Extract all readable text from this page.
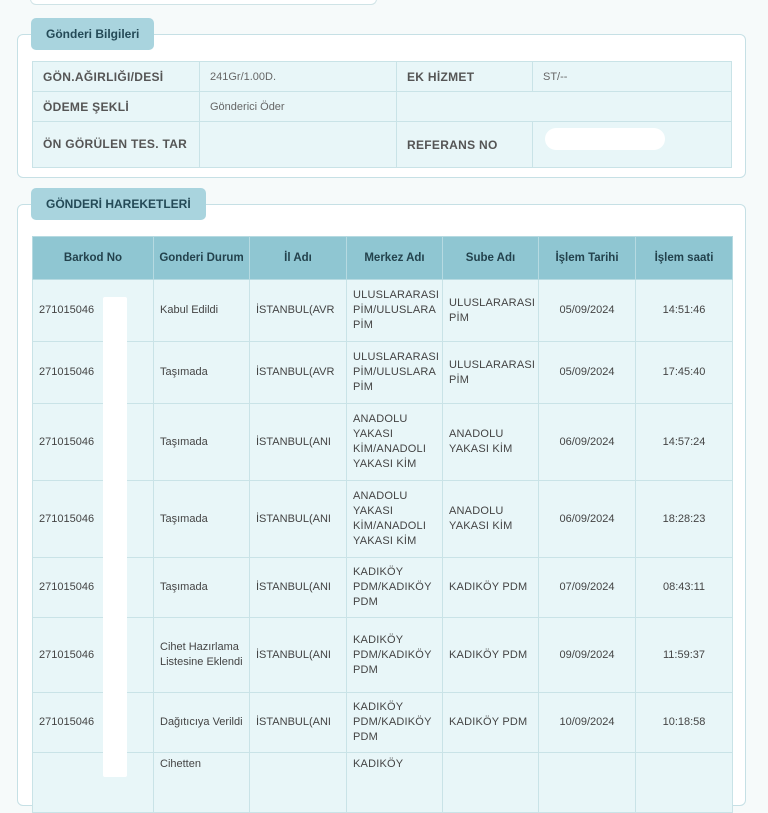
Gönderi Bilgileri
GÖN.AĞIRLIĞI/DESİ	241Gr/1.00D.	EK HİZMET	ST/--
ÖDEME ŞEKLİ	Gönderici Öder		
ÖN GÖRÜLEN TES. TAR		REFERANS NO	
GÖNDERİ HAREKETLERİ
Barkod No	Gonderi Durum	İl Adı	Merkez Adı	Sube Adı	İşlem Tarihi	İşlem saati
271015046	Kabul Edildi	İSTANBUL(AVR	ULUSLARARASI PİM/ULUSLARA PİM	ULUSLARARASI PİM	05/09/2024	14:51:46
271015046	Taşımada	İSTANBUL(AVR	ULUSLARARASI PİM/ULUSLARA PİM	ULUSLARARASI PİM	05/09/2024	17:45:40
271015046	Taşımada	İSTANBUL(ANI	ANADOLU YAKASI KİM/ANADOLI YAKASI KİM	ANADOLU YAKASI KİM	06/09/2024	14:57:24
271015046	Taşımada	İSTANBUL(ANI	ANADOLU YAKASI KİM/ANADOLI YAKASI KİM	ANADOLU YAKASI KİM	06/09/2024	18:28:23
271015046	Taşımada	İSTANBUL(ANI	KADIKÖY PDM/KADIKÖY PDM	KADIKÖY PDM	07/09/2024	08:43:11
271015046	Cihet Hazırlama Listesine Eklendi	İSTANBUL(ANI	KADIKÖY PDM/KADIKÖY PDM	KADIKÖY PDM	09/09/2024	11:59:37
271015046	Dağıtıcıya Verildi	İSTANBUL(ANI	KADIKÖY PDM/KADIKÖY PDM	KADIKÖY PDM	10/09/2024	10:18:58
	Cihetten		KADIKÖY			
